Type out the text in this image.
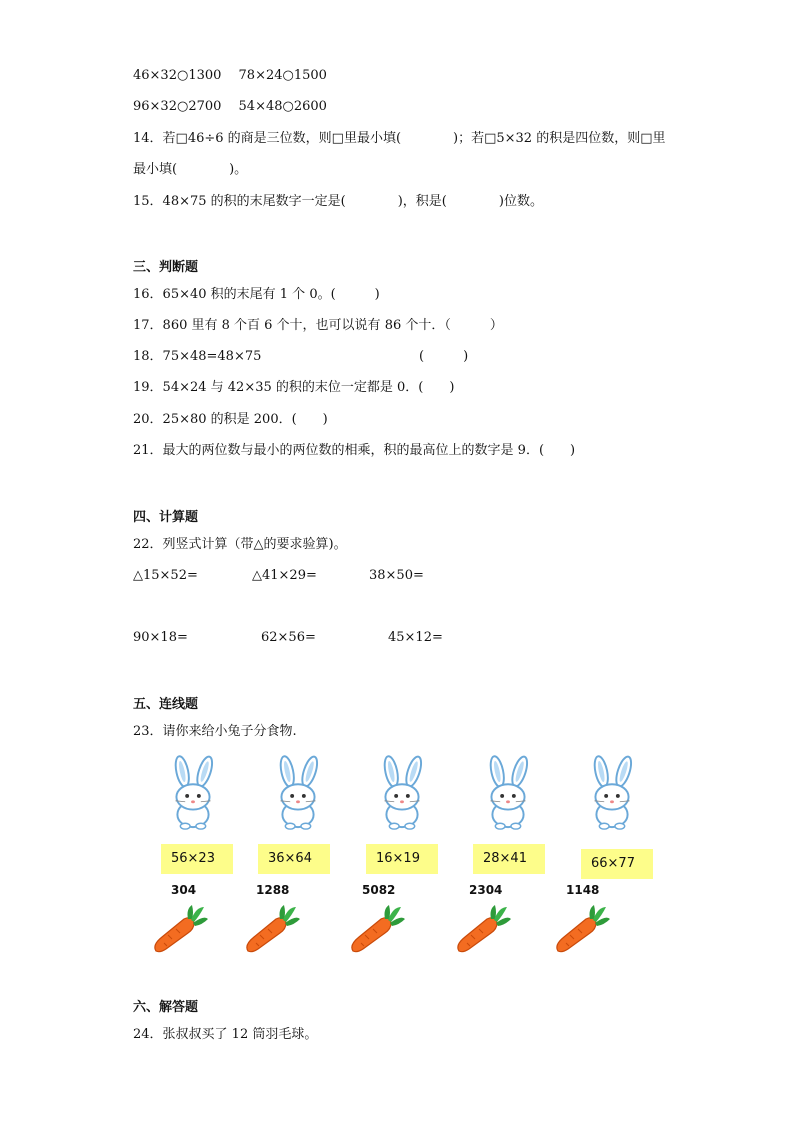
46×32○1300　 78×24○1500
96×32○2700　 54×48○2600
14．若□46÷6 的商是三位数，则□里最小填(　　　　)；若□5×32 的积是四位数，则□里
最小填(　　　　)。
15．48×75 的积的末尾数字一定是(　　　　)，积是(　　　　)位数。
三、判断题
16．65×40 积的末尾有 1 个 0。(　　　)
17．860 里有 8 个百 6 个十，也可以说有 86 个十．（　　　）
18．75×48=48×75	(　　　)
19．54×24 与 42×35 的积的末位一定都是 0．(　　)
20．25×80 的积是 200．(　　)
21．最大的两位数与最小的两位数的相乘，积的最高位上的数字是 9．(　　)
四、计算题
22．列竖式计算（带△的要求验算)。
△15×52=	△41×29=	38×50=
90×18=	62×56=	45×12=
五、连线题
23．请你来给小兔子分食物.
56×23	36×64	16×19	28×41	66×77
304	1288	5082	2304	1148
六、解答题
24．张叔叔买了 12 筒羽毛球。
